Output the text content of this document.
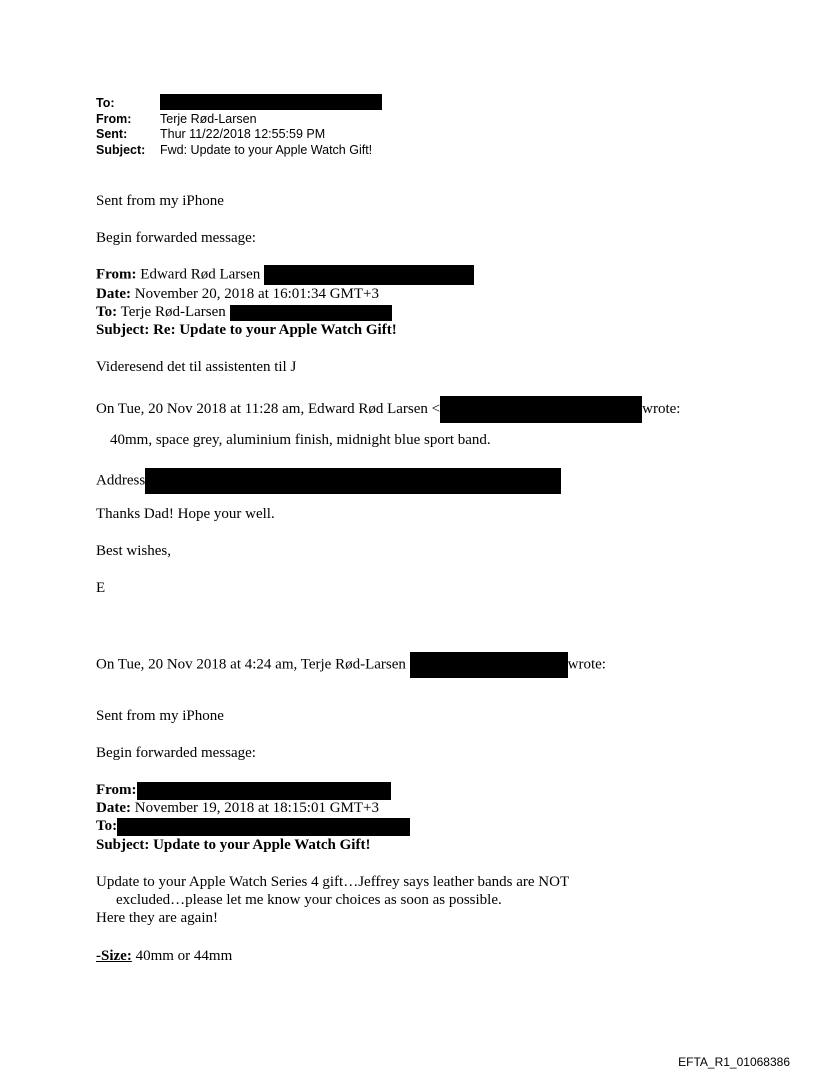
To:
From:	Terje Rød-Larsen
Sent:	Thur 11/22/2018 12:55:59 PM
Subject:	Fwd: Update to your Apple Watch Gift!
Sent from my iPhone
Begin forwarded message:
From: Edward Rød Larsen
Date: November 20, 2018 at 16:01:34 GMT+3
To: Terje Rød-Larsen
Subject: Re: Update to your Apple Watch Gift!
Videresend det til assistenten til J
On Tue, 20 Nov 2018 at 11:28 am, Edward Rød Larsen <	wrote:
40mm, space grey, aluminium finish, midnight blue sport band.
Address
Thanks Dad! Hope your well.
Best wishes,
E
On Tue, 20 Nov 2018 at 4:24 am, Terje Rød-Larsen	wrote:
Sent from my iPhone
Begin forwarded message:
From:
Date: November 19, 2018 at 18:15:01 GMT+3
To:
Subject: Update to your Apple Watch Gift!
Update to your Apple Watch Series 4 gift…Jeffrey says leather bands are NOT
excluded…please let me know your choices as soon as possible.
Here they are again!
-Size: 40mm or 44mm
EFTA_R1_01068386
